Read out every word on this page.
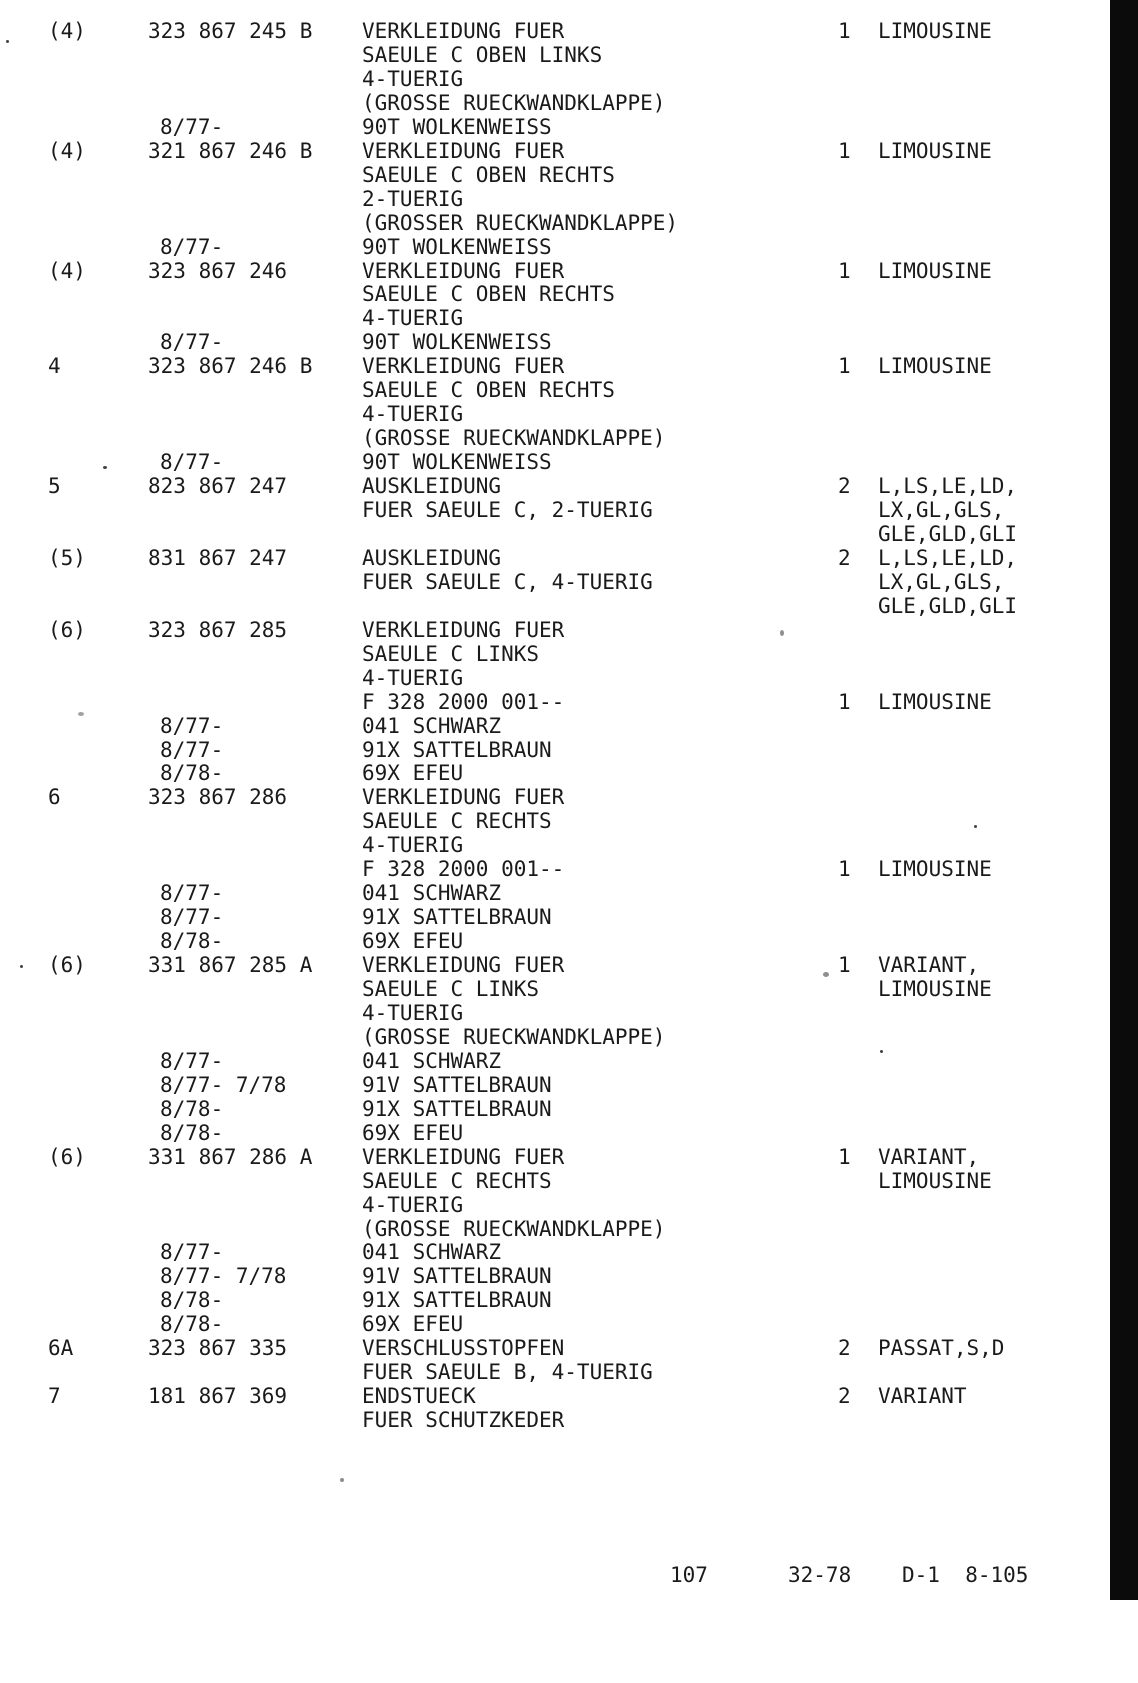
(4)	323 867 245 B VERKLEIDUNG FUER	1 LIMOUSINE
SAEULE C OBEN LINKS
4-TUERIG
(GROSSE RUECKWANDKLAPPE)
8/77-	90T WOLKENWEISS
(4)	321 867 246 B VERKLEIDUNG FUER	1 LIMOUSINE
SAEULE C OBEN RECHTS
2-TUERIG
(GROSSER RUECKWANDKLAPPE)
8/77-	90T WOLKENWEISS
(4)	323 867 246	VERKLEIDUNG FUER	1 LIMOUSINE
SAEULE C OBEN RECHTS
4-TUERIG
8/77-	90T WOLKENWEISS
4	323 867 246 B VERKLEIDUNG FUER	1 LIMOUSINE
SAEULE C OBEN RECHTS
4-TUERIG
(GROSSE RUECKWANDKLAPPE)
8/77-	90T WOLKENWEISS
5	823 867 247	AUSKLEIDUNG	2 L,LS,LE,LD,
FUER SAEULE C, 2-TUERIG	LX,GL,GLS,
GLE,GLD,GLI
(5)	831 867 247	AUSKLEIDUNG	2 L,LS,LE,LD,
FUER SAEULE C, 4-TUERIG	LX,GL,GLS,
GLE,GLD,GLI
(6)	323 867 285	VERKLEIDUNG FUER
SAEULE C LINKS
4-TUERIG
F 328 2000 001--	1 LIMOUSINE
8/77-	041 SCHWARZ
8/77-	91X SATTELBRAUN
8/78-	69X EFEU
6	323 867 286	VERKLEIDUNG FUER
SAEULE C RECHTS
4-TUERIG
F 328 2000 001--	1 LIMOUSINE
8/77-	041 SCHWARZ
8/77-	91X SATTELBRAUN
8/78-	69X EFEU
(6)	331 867 285 A VERKLEIDUNG FUER	1 VARIANT,
SAEULE C LINKS	LIMOUSINE
4-TUERIG
(GROSSE RUECKWANDKLAPPE)
8/77-	041 SCHWARZ
8/77- 7/78	91V SATTELBRAUN
8/78-	91X SATTELBRAUN
8/78-	69X EFEU
(6)	331 867 286 A VERKLEIDUNG FUER	1 VARIANT,
SAEULE C RECHTS	LIMOUSINE
4-TUERIG
(GROSSE RUECKWANDKLAPPE)
8/77-	041 SCHWARZ
8/77- 7/78	91V SATTELBRAUN
8/78-	91X SATTELBRAUN
8/78-	69X EFEU
6A	323 867 335	VERSCHLUSSTOPFEN	2 PASSAT,S,D
FUER SAEULE B, 4-TUERIG
7	181 867 369	ENDSTUECK	2 VARIANT
FUER SCHUTZKEDER

107

	32-78

D-1  8-105
